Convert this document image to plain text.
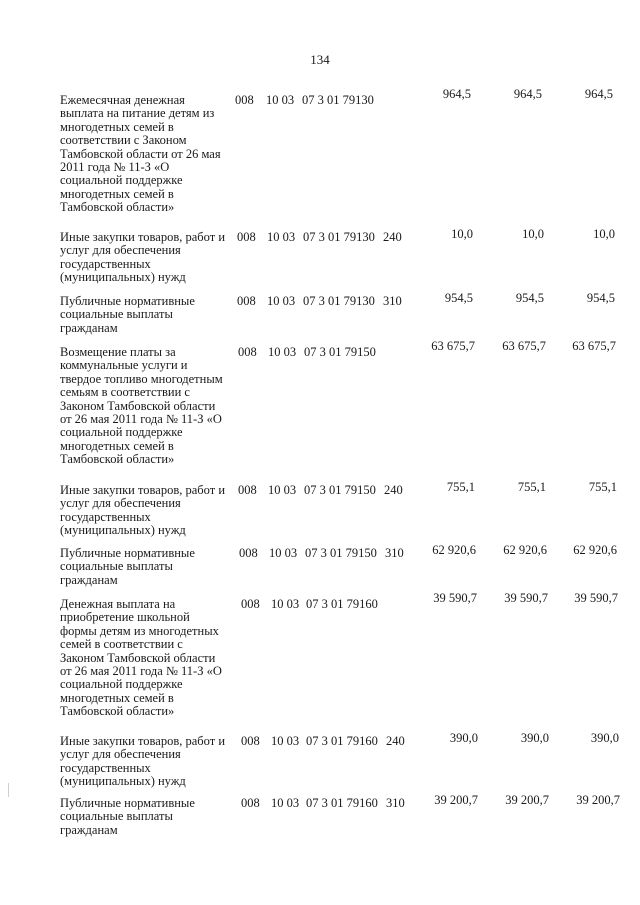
134
Ежемесячная денежная
выплата на питание детям из
многодетных семей в
соответствии с Законом
Тамбовской области от 26 мая
2011 года № 11-З «О
социальной поддержке
многодетных семей в
Тамбовской области»
008 10 03 07 3 01 79130	964,5	964,5	964,5
Иные закупки товаров, работ и
услуг для обеспечения
государственных
(муниципальных) нужд
008 10 03 07 3 01 79130 240	10,0	10,0	10,0
Публичные нормативные
социальные выплаты
гражданам
008 10 03 07 3 01 79130 310	954,5	954,5	954,5
Возмещение платы за
коммунальные услуги и
твердое топливо многодетным
семьям в соответствии с
Законом Тамбовской области
от 26 мая 2011 года № 11-З «О
социальной поддержке
многодетных семей в
Тамбовской области»
008 10 03 07 3 01 79150	63 675,7	63 675,7	63 675,7
Иные закупки товаров, работ и
услуг для обеспечения
государственных
(муниципальных) нужд
008 10 03 07 3 01 79150 240	755,1	755,1	755,1
Публичные нормативные
социальные выплаты
гражданам
008 10 03 07 3 01 79150 310	62 920,6	62 920,6	62 920,6
Денежная выплата на
приобретение школьной
формы детям из многодетных
семей в соответствии с
Законом Тамбовской области
от 26 мая 2011 года № 11-З «О
социальной поддержке
многодетных семей в
Тамбовской области»
008 10 03 07 3 01 79160	39 590,7	39 590,7	39 590,7
Иные закупки товаров, работ и
услуг для обеспечения
государственных
(муниципальных) нужд
008 10 03 07 3 01 79160 240	390,0	390,0	390,0
Публичные нормативные
социальные выплаты
гражданам
008 10 03 07 3 01 79160 310	39 200,7	39 200,7	39 200,7
